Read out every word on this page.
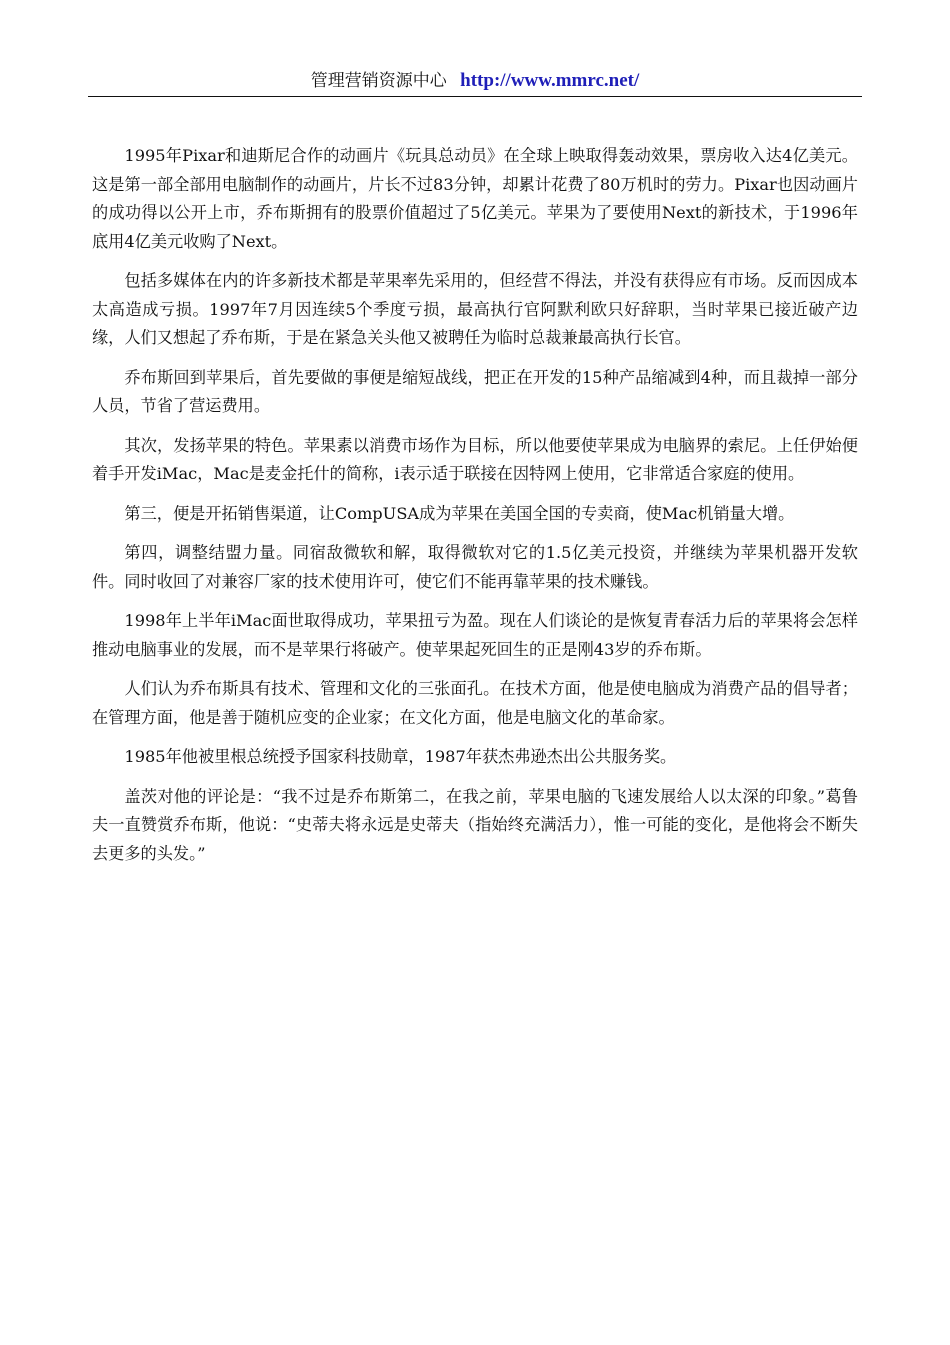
管理营销资源中心 http://www.mmrc.net/

1995年Pixar和迪斯尼合作的动画片《玩具总动员》在全球上映取得轰动效果，票房收入达4亿美元。这是第一部全部用电脑制作的动画片，片长不过83分钟，却累计花费了80万机时的劳力。Pixar也因动画片的成功得以公开上市，乔布斯拥有的股票价值超过了5亿美元。苹果为了要使用Next的新技术，于1996年底用4亿美元收购了Next。

包括多媒体在内的许多新技术都是苹果率先采用的，但经营不得法，并没有获得应有市场。反而因成本太高造成亏损。1997年7月因连续5个季度亏损，最高执行官阿默利欧只好辞职，当时苹果已接近破产边缘，人们又想起了乔布斯，于是在紧急关头他又被聘任为临时总裁兼最高执行长官。

乔布斯回到苹果后，首先要做的事便是缩短战线，把正在开发的15种产品缩减到4种，而且裁掉一部分人员，节省了营运费用。

其次，发扬苹果的特色。苹果素以消费市场作为目标，所以他要使苹果成为电脑界的索尼。上任伊始便着手开发iMac，Mac是麦金托什的简称，i表示适于联接在因特网上使用，它非常适合家庭的使用。

第三，便是开拓销售渠道，让CompUSA成为苹果在美国全国的专卖商，使Mac机销量大增。

第四，调整结盟力量。同宿敌微软和解，取得微软对它的1.5亿美元投资，并继续为苹果机器开发软件。同时收回了对兼容厂家的技术使用许可，使它们不能再靠苹果的技术赚钱。

1998年上半年iMac面世取得成功，苹果扭亏为盈。现在人们谈论的是恢复青春活力后的苹果将会怎样推动电脑事业的发展，而不是苹果行将破产。使苹果起死回生的正是刚43岁的乔布斯。

人们认为乔布斯具有技术、管理和文化的三张面孔。在技术方面，他是使电脑成为消费产品的倡导者；在管理方面，他是善于随机应变的企业家；在文化方面，他是电脑文化的革命家。

1985年他被里根总统授予国家科技勋章，1987年获杰弗逊杰出公共服务奖。

盖茨对他的评论是：“我不过是乔布斯第二，在我之前，苹果电脑的飞速发展给人以太深的印象。”葛鲁夫一直赞赏乔布斯，他说：“史蒂夫将永远是史蒂夫（指始终充满活力），惟一可能的变化，是他将会不断失去更多的头发。”
